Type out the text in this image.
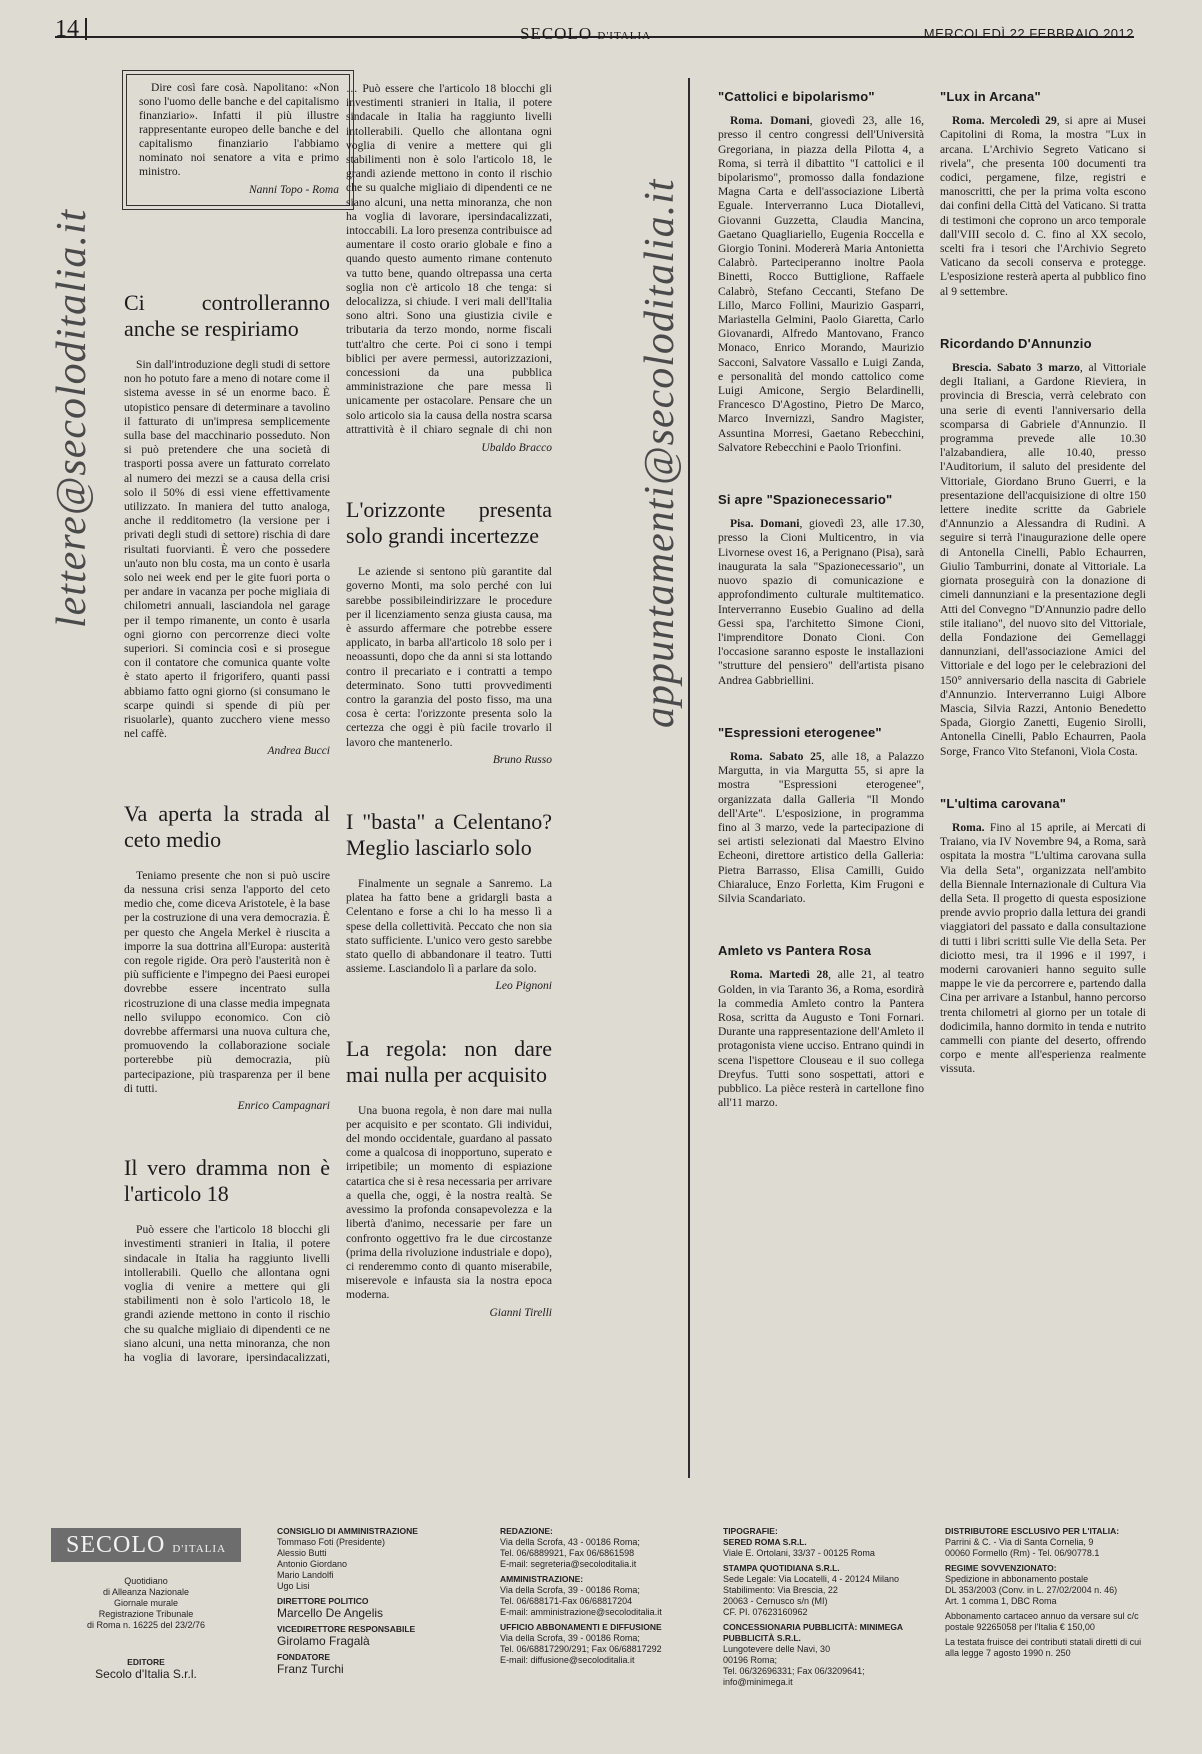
14	SECOLO D'ITALIA	MERCOLEDÌ 22 FEBBRAIO 2012
lettere@secoloditalia.it	appuntamenti@secoloditalia.it

Dire così fare cosà. Napolitano: «Non sono l'uomo delle banche e del capitalismo finanziario». Infatti il più illustre rappresentante europeo delle banche e del capitalismo finanziario l'abbiamo nominato noi senatore a vita e primo ministro.

Nanni Topo - Roma

Ci controlleranno anche se respiriamo

Sin dall'introduzione degli studi di settore non ho potuto fare a meno di notare come il sistema avesse in sé un enorme baco. È utopistico pensare di determinare a tavolino il fatturato di un'impresa semplicemente sulla base del macchinario posseduto. Non si può pretendere che una società di trasporti possa avere un fatturato correlato al numero dei mezzi se a causa della crisi solo il 50% di essi viene effettivamente utilizzato. In maniera del tutto analoga, anche il redditometro (la versione per i privati degli studi di settore) rischia di dare risultati fuorvianti. È vero che possedere un'auto non blu costa, ma un conto è usarla solo nei week end per le gite fuori porta o per andare in vacanza per poche migliaia di chilometri annuali, lasciandola nel garage per il tempo rimanente, un conto è usarla ogni giorno con percorrenze dieci volte superiori. Si comincia così e si prosegue con il contatore che comunica quante volte è stato aperto il frigorifero, quanti passi abbiamo fatto ogni giorno (si consumano le scarpe quindi si spende di più per risuolarle), quanto zucchero viene messo nel caffè.

Andrea Bucci

Va aperta la strada al ceto medio

Teniamo presente che non si può uscire da nessuna crisi senza l'apporto del ceto medio che, come diceva Aristotele, è la base per la costruzione di una vera democrazia. È per questo che Angela Merkel è riuscita a imporre la sua dottrina all'Europa: austerità con regole rigide. Ora però l'austerità non è più sufficiente e l'impegno dei Paesi europei dovrebbe essere incentrato sulla ricostruzione di una classe media impegnata nello sviluppo economico. Con ciò dovrebbe affermarsi una nuova cultura che, promuovendo la collaborazione sociale porterebbe più democrazia, più partecipazione, più trasparenza per il bene di tutti.

Enrico Campagnari

Il vero dramma non è l'articolo 18

Può essere che l'articolo 18 blocchi gli investimenti stranieri in Italia, il potere sindacale in Italia ha raggiunto livelli intollerabili. Quello che allontana ogni voglia di venire a mettere qui gli stabilimenti non è solo l'articolo 18, le grandi aziende mettono in conto il rischio che su qualche migliaio di dipendenti ce ne siano alcuni, una netta minoranza, che non ha voglia di lavorare, ipersindacalizzati,

… Può essere che l'articolo 18 blocchi gli investimenti stranieri in Italia, il potere sindacale in Italia ha raggiunto livelli intollerabili. Quello che allontana ogni voglia di venire a mettere qui gli stabilimenti non è solo l'articolo 18, le grandi aziende mettono in conto il rischio che su qualche migliaio di dipendenti ce ne siano alcuni, una netta minoranza, che non ha voglia di lavorare, ipersindacalizzati, intoccabili. La loro presenza contribuisce ad aumentare il costo orario globale e fino a quando questo aumento rimane contenuto va tutto bene, quando oltrepassa una certa soglia non c'è articolo 18 che tenga: si delocalizza, si chiude. I veri mali dell'Italia sono altri. Sono una giustizia civile e tributaria da terzo mondo, norme fiscali tutt'altro che certe. Poi ci sono i tempi biblici per avere permessi, autorizzazioni, concessioni da una pubblica amministrazione che pare messa lì unicamente per ostacolare. Pensare che un solo articolo sia la causa della nostra scarsa attrattività è il chiaro segnale di chi non

Ubaldo Bracco

L'orizzonte presenta solo grandi incertezze

Le aziende si sentono più garantite dal governo Monti, ma solo perché con lui sarebbe possibileindirizzare le procedure per il licenziamento senza giusta causa, ma è assurdo affermare che potrebbe essere applicato, in barba all'articolo 18 solo per i neoassunti, dopo che da anni si sta lottando contro il precariato e i contratti a tempo determinato. Sono tutti provvedimenti contro la garanzia del posto fisso, ma una cosa è certa: l'orizzonte presenta solo la certezza che oggi è più facile trovarlo il lavoro che mantenerlo.

Bruno Russo

I "basta" a Celentano? Meglio lasciarlo solo

Finalmente un segnale a Sanremo. La platea ha fatto bene a gridargli basta a Celentano e forse a chi lo ha messo lì a spese della collettività. Peccato che non sia stato sufficiente. L'unico vero gesto sarebbe stato quello di abbandonare il teatro. Tutti assieme. Lasciandolo lì a parlare da solo.

Leo Pignoni

La regola: non dare mai nulla per acquisito

Una buona regola, è non dare mai nulla per acquisito e per scontato. Gli individui, del mondo occidentale, guardano al passato come a qualcosa di inopportuno, superato e irripetibile; un momento di espiazione catartica che si è resa necessaria per arrivare a quella che, oggi, è la nostra realtà. Se avessimo la profonda consapevolezza e la libertà d'animo, necessarie per fare un confronto oggettivo fra le due circostanze (prima della rivoluzione industriale e dopo), ci renderemmo conto di quanto miserabile, miserevole e infausta sia la nostra epoca moderna.

Gianni Tirelli

"Cattolici e bipolarismo"

Roma. Domani, giovedì 23, alle 16, presso il centro congressi dell'Università Gregoriana, in piazza della Pilotta 4, a Roma, si terrà il dibattito "I cattolici e il bipolarismo", promosso dalla fondazione Magna Carta e dell'associazione Libertà Eguale. Interverranno Luca Diotallevi, Giovanni Guzzetta, Claudia Mancina, Gaetano Quagliariello, Eugenia Roccella e Giorgio Tonini. Modererà Maria Antonietta Calabrò. Parteciperanno inoltre Paola Binetti, Rocco Buttiglione, Raffaele Calabrò, Stefano Ceccanti, Stefano De Lillo, Marco Follini, Maurizio Gasparri, Mariastella Gelmini, Paolo Giaretta, Carlo Giovanardi, Alfredo Mantovano, Franco Monaco, Enrico Morando, Maurizio Sacconi, Salvatore Vassallo e Luigi Zanda, e personalità del mondo cattolico come Luigi Amicone, Sergio Belardinelli, Francesco D'Agostino, Pietro De Marco, Marco Invernizzi, Sandro Magister, Assuntina Morresi, Gaetano Rebecchini, Salvatore Rebecchini e Paolo Trionfini.

Si apre "Spazionecessario"

Pisa. Domani, giovedì 23, alle 17.30, presso la Cioni Multicentro, in via Livornese ovest 16, a Perignano (Pisa), sarà inaugurata la sala "Spazionecessario", un nuovo spazio di comunicazione e approfondimento culturale multitematico. Interverranno Eusebio Gualino ad della Gessi spa, l'architetto Simone Cioni, l'imprenditore Donato Cioni. Con l'occasione saranno esposte le installazioni "strutture del pensiero" dell'artista pisano Andrea Gabbriellini.

"Espressioni eterogenee"

Roma. Sabato 25, alle 18, a Palazzo Margutta, in via Margutta 55, si apre la mostra "Espressioni eterogenee", organizzata dalla Galleria "Il Mondo dell'Arte". L'esposizione, in programma fino al 3 marzo, vede la partecipazione di sei artisti selezionati dal Maestro Elvino Echeoni, direttore artistico della Galleria: Pietra Barrasso, Elisa Camilli, Guido Chiaraluce, Enzo Forletta, Kim Frugoni e Silvia Scandariato.

Amleto vs Pantera Rosa

Roma. Martedì 28, alle 21, al teatro Golden, in via Taranto 36, a Roma, esordirà la commedia Amleto contro la Pantera Rosa, scritta da Augusto e Toni Fornari. Durante una rappresentazione dell'Amleto il protagonista viene ucciso. Entrano quindi in scena l'ispettore Clouseau e il suo collega Dreyfus. Tutti sono sospettati, attori e pubblico. La pièce resterà in cartellone fino all'11 marzo.

"Lux in Arcana"

Roma. Mercoledì 29, si apre ai Musei Capitolini di Roma, la mostra "Lux in arcana. L'Archivio Segreto Vaticano si rivela", che presenta 100 documenti tra codici, pergamene, filze, registri e manoscritti, che per la prima volta escono dai confini della Città del Vaticano. Si tratta di testimoni che coprono un arco temporale dall'VIII secolo d. C. fino al XX secolo, scelti fra i tesori che l'Archivio Segreto Vaticano da secoli conserva e protegge. L'esposizione resterà aperta al pubblico fino al 9 settembre.

Ricordando D'Annunzio

Brescia. Sabato 3 marzo, al Vittoriale degli Italiani, a Gardone Rieviera, in provincia di Brescia, verrà celebrato con una serie di eventi l'anniversario della scomparsa di Gabriele d'Annunzio. Il programma prevede alle 10.30 l'alzabandiera, alle 10.40, presso l'Auditorium, il saluto del presidente del Vittoriale, Giordano Bruno Guerri, e la presentazione dell'acquisizione di oltre 150 lettere inedite scritte da Gabriele d'Annunzio a Alessandra di Rudinì. A seguire si terrà l'inaugurazione delle opere di Antonella Cinelli, Pablo Echaurren, Giulio Tamburrini, donate al Vittoriale. La giornata proseguirà con la donazione di cimeli dannunziani e la presentazione degli Atti del Convegno "D'Annunzio padre dello stile italiano", del nuovo sito del Vittoriale, della Fondazione dei Gemellaggi dannunziani, dell'associazione Amici del Vittoriale e del logo per le celebrazioni del 150° anniversario della nascita di Gabriele d'Annunzio. Interverranno Luigi Albore Mascia, Silvia Razzi, Antonio Benedetto Spada, Giorgio Zanetti, Eugenio Sirolli, Antonella Cinelli, Pablo Echaurren, Paola Sorge, Franco Vito Stefanoni, Viola Costa.

"L'ultima carovana"

Roma. Fino al 15 aprile, ai Mercati di Traiano, via IV Novembre 94, a Roma, sarà ospitata la mostra "L'ultima carovana sulla Via della Seta", organizzata nell'ambito della Biennale Internazionale di Cultura Via della Seta. Il progetto di questa esposizione prende avvio proprio dalla lettura dei grandi viaggiatori del passato e dalla consultazione di tutti i libri scritti sulle Vie della Seta. Per diciotto mesi, tra il 1996 e il 1997, i moderni carovanieri hanno seguito sulle mappe le vie da percorrere e, partendo dalla Cina per arrivare a Istanbul, hanno percorso trenta chilometri al giorno per un totale di dodicimila, hanno dormito in tenda e nutrito cammelli con piante del deserto, offrendo corpo e mente all'esperienza realmente vissuta.

SECOLO D'ITALIA

Quotidiano

di Alleanza Nazionale

Giornale murale

Registrazione Tribunale

di Roma n. 16225 del 23/2/76

EDITORE

Secolo d'Italia S.r.l.

CONSIGLIO DI AMMINISTRAZIONE

Tommaso Foti (Presidente)

Alessio Butti

Antonio Giordano

Mario Landolfi

Ugo Lisi

DIRETTORE POLITICO

Marcello De Angelis

VICEDIRETTORE RESPONSABILE

Girolamo Fragalà

FONDATORE

Franz Turchi

REDAZIONE:

Via della Scrofa, 43 - 00186 Roma;

Tel. 06/6889921, Fax 06/6861598

E-mail: segreteria@secoloditalia.it

AMMINISTRAZIONE:

Via della Scrofa, 39 - 00186 Roma;

Tel. 06/688171-Fax 06/68817204

E-mail: amministrazione@secoloditalia.it

UFFICIO ABBONAMENTI E DIFFUSIONE

Via della Scrofa, 39 - 00186 Roma;

Tel. 06/68817290/291; Fax 06/68817292

E-mail: diffusione@secoloditalia.it

TIPOGRAFIE:

SERED ROMA S.R.L.

Viale E. Ortolani, 33/37 - 00125 Roma

STAMPA QUOTIDIANA S.R.L.

Sede Legale: Via Locatelli, 4 - 20124 Milano

Stabilimento: Via Brescia, 22

20063 - Cernusco s/n (MI)

CF. PI. 07623160962

CONCESSIONARIA PUBBLICITÀ: MINIMEGA PUBBLICITÀ S.R.L.

Lungotevere delle Navi, 30

00196 Roma;

Tel. 06/32696331; Fax 06/3209641;

info@minimega.it

DISTRIBUTORE ESCLUSIVO PER L'ITALIA:

Parrini & C. - Via di Santa Cornelia, 9

00060 Formello (Rm) - Tel. 06/90778.1

REGIME SOVVENZIONATO:

Spedizione in abbonamento postale

DL 353/2003 (Conv. in L. 27/02/2004 n. 46)

Art. 1 comma 1, DBC Roma

Abbonamento cartaceo annuo da versare sul c/c postale 92265058 per l'Italia € 150,00

La testata fruisce dei contributi statali diretti di cui alla legge 7 agosto 1990 n. 250
